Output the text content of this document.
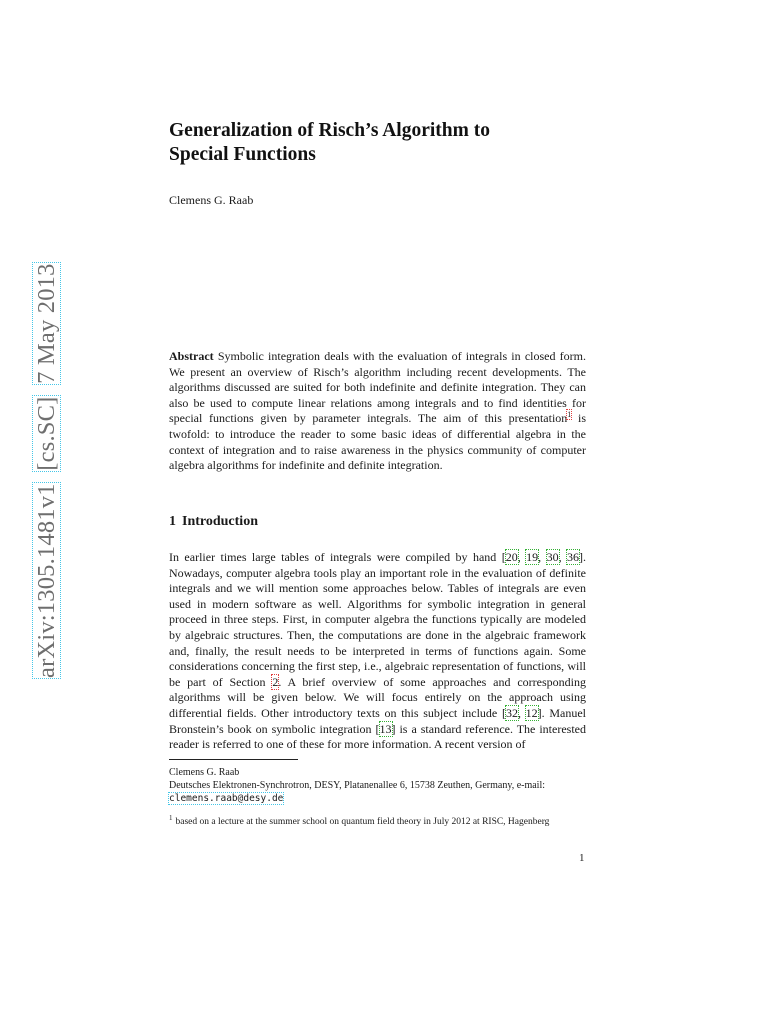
arXiv:1305.1481v1  [cs.SC]  7 May 2013
Generalization of Risch’s Algorithm to
Special Functions
Clemens G. Raab
Abstract Symbolic integration deals with the evaluation of integrals in closed form. We present an overview of Risch’s algorithm including recent developments. The algorithms discussed are suited for both indefinite and definite integration. They can also be used to compute linear relations among integrals and to find identities for special functions given by parameter integrals. The aim of this presentation$^1$ is twofold: to introduce the reader to some basic ideas of differential algebra in the context of integration and to raise awareness in the physics community of computer algebra algorithms for indefinite and definite integration.
1 Introduction
In earlier times large tables of integrals were compiled by hand [20, 19, 30, 36]. Nowadays, computer algebra tools play an important role in the evaluation of definite integrals and we will mention some approaches below. Tables of integrals are even used in modern software as well. Algorithms for symbolic integration in general proceed in three steps. First, in computer algebra the functions typically are modeled by algebraic structures. Then, the computations are done in the algebraic framework and, finally, the result needs to be interpreted in terms of functions again. Some considerations concerning the first step, i.e., algebraic representation of functions, will be part of Section 2. A brief overview of some approaches and corresponding algorithms will be given below. We will focus entirely on the approach using differential fields. Other introductory texts on this subject include [32, 12]. Manuel Bronstein’s book on symbolic integration [13] is a standard reference. The interested reader is referred to one of these for more information. A recent version of
Clemens G. Raab
Deutsches Elektronen-Synchrotron, DESY, Platanenallee 6, 15738 Zeuthen, Germany, e-mail:
clemens.raab@desy.de
$^1$ based on a lecture at the summer school on quantum field theory in July 2012 at RISC, Hagenberg
1
